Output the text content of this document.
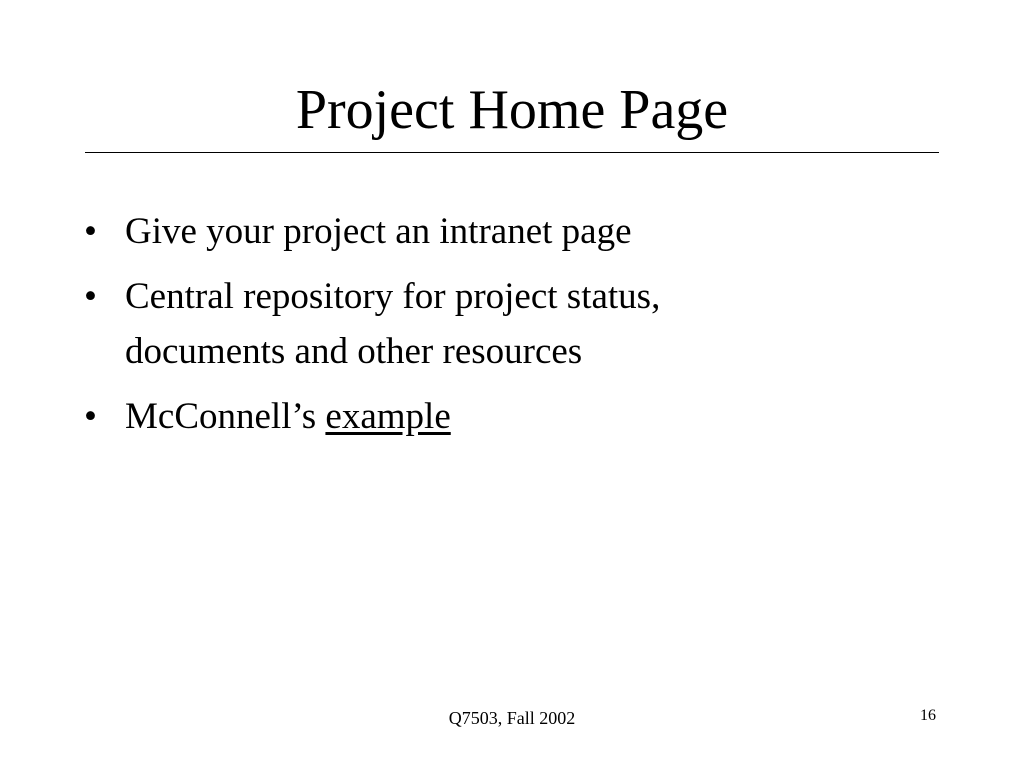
Project Home Page
• Give your project an intranet page
• Central repository for project status, documents and other resources
• McConnell’s example
Q7503, Fall 2002	16
